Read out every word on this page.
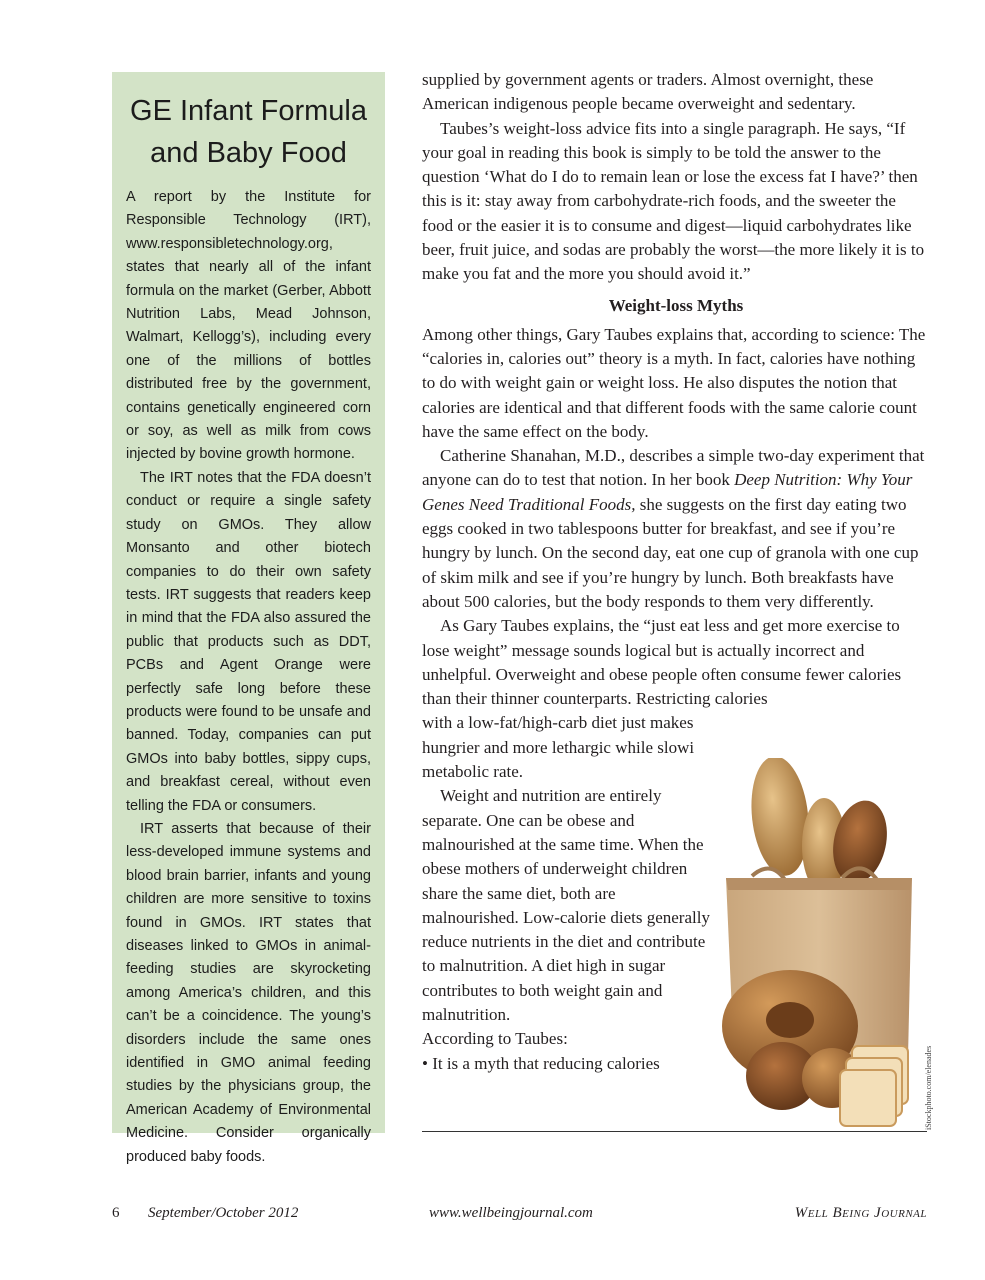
GE Infant Formula and Baby Food

A report by the Institute for Responsible Technology (IRT), www.responsibletechnology.org, states that nearly all of the infant formula on the market (Gerber, Abbott Nutrition Labs, Mead Johnson, Walmart, Kellogg’s), including every one of the millions of bottles distributed free by the government, contains genetically engineered corn or soy, as well as milk from cows injected by bovine growth hormone.

The IRT notes that the FDA doesn’t conduct or require a single safety study on GMOs. They allow Monsanto and other biotech companies to do their own safety tests. IRT suggests that readers keep in mind that the FDA also assured the public that products such as DDT, PCBs and Agent Orange were perfectly safe long before these products were found to be unsafe and banned. Today, companies can put GMOs into baby bottles, sippy cups, and breakfast cereal, without even telling the FDA or consumers.

IRT asserts that because of their less-developed immune systems and blood brain barrier, infants and young children are more sensitive to toxins found in GMOs. IRT states that diseases linked to GMOs in animal-feeding studies are skyrocketing among America’s children, and this can’t be a coincidence. The young’s disorders include the same ones identified in GMO animal feeding studies by the physicians group, the American Academy of Environmental Medicine. Consider organically produced baby foods.

supplied by government agents or traders. Almost overnight, these American indigenous people became overweight and sedentary.

Taubes’s weight-loss advice fits into a single paragraph. He says, “If your goal in reading this book is simply to be told the answer to the question ‘What do I do to remain lean or lose the excess fat I have?’ then this is it: stay away from carbohydrate-rich foods, and the sweeter the food or the easier it is to consume and digest—liquid carbohydrates like beer, fruit juice, and sodas are probably the worst—the more likely it is to make you fat and the more you should avoid it.”

Weight-loss Myths

Among other things, Gary Taubes explains that, according to science: The “calories in, calories out” theory is a myth. In fact, calories have nothing to do with weight gain or weight loss. He also disputes the notion that calories are identical and that different foods with the same calorie count have the same effect on the body.

Catherine Shanahan, M.D., describes a simple two-day experiment that anyone can do to test that notion. In her book Deep Nutrition: Why Your Genes Need Traditional Foods, she suggests on the first day eating two eggs cooked in two tablespoons butter for breakfast, and see if you’re hungry by lunch. On the second day, eat one cup of granola with one cup of skim milk and see if you’re hungry by lunch. Both breakfasts have about 500 calories, but the body responds to them very differently.

As Gary Taubes explains, the “just eat less and get more exercise to lose weight” message sounds logical but is actually incorrect and unhelpful. Overweight and obese people often consume fewer calories than their thinner counterparts. Restricting calories

with a low-fat/high-carb diet just makes hungrier and more lethargic while slowi metabolic rate.

Weight and nutrition are entirely separate. One can be obese and malnourished at the same time. When the obese mothers of underweight children share the same diet, both are malnourished. Low-calorie diets generally reduce nutrients in the diet and contribute to malnutrition. A diet high in sugar contributes to both weight gain and malnutrition.

According to Taubes:

• It is a myth that reducing calories	iStockphoto.com/elenades
6 September/October 2012	www.wellbeingjournal.com	Well Being Journal
